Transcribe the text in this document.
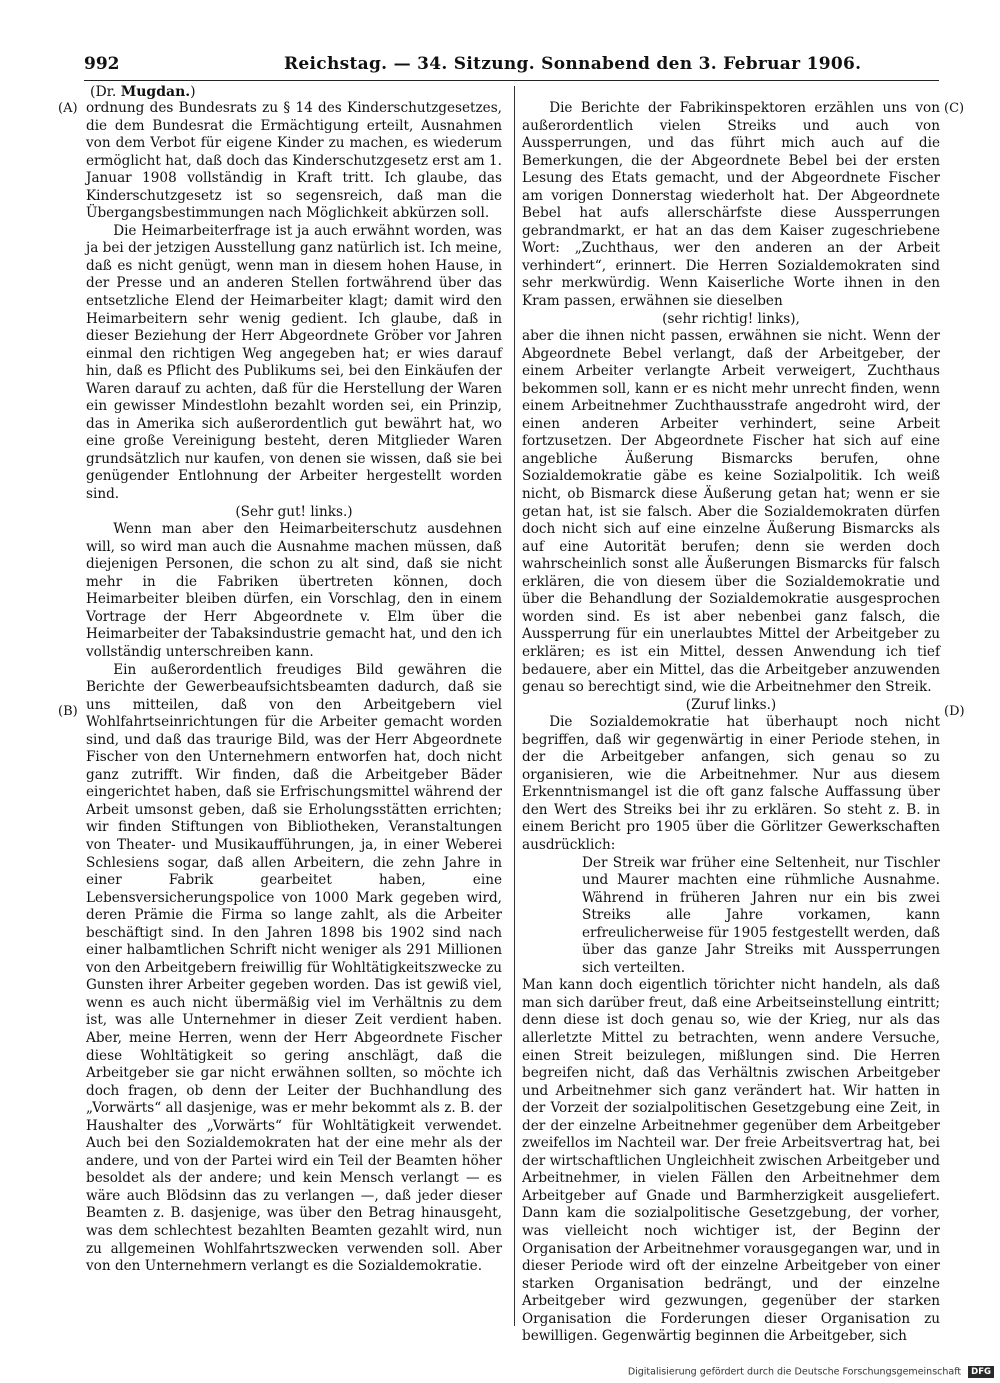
992	Reichstag. — 34. Sitzung. Sonnabend den 3. Februar 1906.
(Dr. Mugdan.)
(A)
(B)
(C)
(D)

ordnung des Bundesrats zu § 14 des Kinderschutzgesetzes, die dem Bundesrat die Ermächtigung erteilt, Ausnahmen von dem Verbot für eigene Kinder zu machen, es wiederum ermöglicht hat, daß doch das Kinderschutzgesetz erst am 1. Januar 1908 vollständig in Kraft tritt. Ich glaube, das Kinderschutzgesetz ist so segensreich, daß man die Übergangsbestimmungen nach Möglichkeit abkürzen soll.

Die Heimarbeiterfrage ist ja auch erwähnt worden, was ja bei der jetzigen Ausstellung ganz natürlich ist. Ich meine, daß es nicht genügt, wenn man in diesem hohen Hause, in der Presse und an anderen Stellen fortwährend über das entsetzliche Elend der Heimarbeiter klagt; damit wird den Heimarbeitern sehr wenig gedient. Ich glaube, daß in dieser Beziehung der Herr Abgeordnete Gröber vor Jahren einmal den richtigen Weg angegeben hat; er wies darauf hin, daß es Pflicht des Publikums sei, bei den Einkäufen der Waren darauf zu achten, daß für die Herstellung der Waren ein gewisser Mindestlohn bezahlt worden sei, ein Prinzip, das in Amerika sich außerordentlich gut bewährt hat, wo eine große Vereinigung besteht, deren Mitglieder Waren grundsätzlich nur kaufen, von denen sie wissen, daß sie bei genügender Entlohnung der Arbeiter hergestellt worden sind.

(Sehr gut! links.)

Wenn man aber den Heimarbeiterschutz ausdehnen will, so wird man auch die Ausnahme machen müssen, daß diejenigen Personen, die schon zu alt sind, daß sie nicht mehr in die Fabriken übertreten können, doch Heimarbeiter bleiben dürfen, ein Vorschlag, den in einem Vortrage der Herr Abgeordnete v. Elm über die Heimarbeiter der Tabaksindustrie gemacht hat, und den ich vollständig unterschreiben kann.

Ein außerordentlich freudiges Bild gewähren die Berichte der Gewerbeaufsichtsbeamten dadurch, daß sie uns mitteilen, daß von den Arbeitgebern viel Wohlfahrtseinrichtungen für die Arbeiter gemacht worden sind, und daß das traurige Bild, was der Herr Abgeordnete Fischer von den Unternehmern entworfen hat, doch nicht ganz zutrifft. Wir finden, daß die Arbeitgeber Bäder eingerichtet haben, daß sie Erfrischungsmittel während der Arbeit umsonst geben, daß sie Erholungsstätten errichten; wir finden Stiftungen von Bibliotheken, Veranstaltungen von Theater- und Musikaufführungen, ja, in einer Weberei Schlesiens sogar, daß allen Arbeitern, die zehn Jahre in einer Fabrik gearbeitet haben, eine Lebensversicherungspolice von 1000 Mark gegeben wird, deren Prämie die Firma so lange zahlt, als die Arbeiter beschäftigt sind. In den Jahren 1898 bis 1902 sind nach einer halbamtlichen Schrift nicht weniger als 291 Millionen von den Arbeitgebern freiwillig für Wohltätigkeitszwecke zu Gunsten ihrer Arbeiter gegeben worden. Das ist gewiß viel, wenn es auch nicht übermäßig viel im Verhältnis zu dem ist, was alle Unternehmer in dieser Zeit verdient haben. Aber, meine Herren, wenn der Herr Abgeordnete Fischer diese Wohltätigkeit so gering anschlägt, daß die Arbeitgeber sie gar nicht erwähnen sollten, so möchte ich doch fragen, ob denn der Leiter der Buchhandlung des „Vorwärts“ all dasjenige, was er mehr bekommt als z. B. der Haushalter des „Vorwärts“ für Wohltätigkeit verwendet. Auch bei den Sozialdemokraten hat der eine mehr als der andere, und von der Partei wird ein Teil der Beamten höher besoldet als der andere; und kein Mensch verlangt — es wäre auch Blödsinn das zu verlangen —, daß jeder dieser Beamten z. B. dasjenige, was über den Betrag hinausgeht, was dem schlechtest bezahlten Beamten gezahlt wird, nun zu allgemeinen Wohlfahrtszwecken verwenden soll. Aber von den Unternehmern verlangt es die Sozialdemokratie.

Die Berichte der Fabrikinspektoren erzählen uns von außerordentlich vielen Streiks und auch von Aussperrungen, und das führt mich auch auf die Bemerkungen, die der Abgeordnete Bebel bei der ersten Lesung des Etats gemacht, und der Abgeordnete Fischer am vorigen Donnerstag wiederholt hat. Der Abgeordnete Bebel hat aufs allerschärfste diese Aussperrungen gebrandmarkt, er hat an das dem Kaiser zugeschriebene Wort: „Zuchthaus, wer den anderen an der Arbeit verhindert“, erinnert. Die Herren Sozialdemokraten sind sehr merkwürdig. Wenn Kaiserliche Worte ihnen in den Kram passen, erwähnen sie dieselben

(sehr richtig! links),

aber die ihnen nicht passen, erwähnen sie nicht. Wenn der Abgeordnete Bebel verlangt, daß der Arbeitgeber, der einem Arbeiter verlangte Arbeit verweigert, Zuchthaus bekommen soll, kann er es nicht mehr unrecht finden, wenn einem Arbeitnehmer Zuchthausstrafe angedroht wird, der einen anderen Arbeiter verhindert, seine Arbeit fortzusetzen. Der Abgeordnete Fischer hat sich auf eine angebliche Äußerung Bismarcks berufen, ohne Sozialdemokratie gäbe es keine Sozialpolitik. Ich weiß nicht, ob Bismarck diese Äußerung getan hat; wenn er sie getan hat, ist sie falsch. Aber die Sozialdemokraten dürfen doch nicht sich auf eine einzelne Äußerung Bismarcks als auf eine Autorität berufen; denn sie werden doch wahrscheinlich sonst alle Äußerungen Bismarcks für falsch erklären, die von diesem über die Sozialdemokratie und über die Behandlung der Sozialdemokratie ausgesprochen worden sind. Es ist aber nebenbei ganz falsch, die Aussperrung für ein unerlaubtes Mittel der Arbeitgeber zu erklären; es ist ein Mittel, dessen Anwendung ich tief bedauere, aber ein Mittel, das die Arbeitgeber anzuwenden genau so berechtigt sind, wie die Arbeitnehmer den Streik.

(Zuruf links.)

Die Sozialdemokratie hat überhaupt noch nicht begriffen, daß wir gegenwärtig in einer Periode stehen, in der die Arbeitgeber anfangen, sich genau so zu organisieren, wie die Arbeitnehmer. Nur aus diesem Erkenntnismangel ist die oft ganz falsche Auffassung über den Wert des Streiks bei ihr zu erklären. So steht z. B. in einem Bericht pro 1905 über die Görlitzer Gewerkschaften ausdrücklich:

Der Streik war früher eine Seltenheit, nur Tischler und Maurer machten eine rühmliche Ausnahme. Während in früheren Jahren nur ein bis zwei Streiks alle Jahre vorkamen, kann erfreulicherweise für 1905 festgestellt werden, daß über das ganze Jahr Streiks mit Aussperrungen sich verteilten.

Man kann doch eigentlich törichter nicht handeln, als daß man sich darüber freut, daß eine Arbeitseinstellung eintritt; denn diese ist doch genau so, wie der Krieg, nur als das allerletzte Mittel zu betrachten, wenn andere Versuche, einen Streit beizulegen, mißlungen sind. Die Herren begreifen nicht, daß das Verhältnis zwischen Arbeitgeber und Arbeitnehmer sich ganz verändert hat. Wir hatten in der Vorzeit der sozialpolitischen Gesetzgebung eine Zeit, in der der einzelne Arbeitnehmer gegenüber dem Arbeitgeber zweifellos im Nachteil war. Der freie Arbeitsvertrag hat, bei der wirtschaftlichen Ungleichheit zwischen Arbeitgeber und Arbeitnehmer, in vielen Fällen den Arbeitnehmer dem Arbeitgeber auf Gnade und Barmherzigkeit ausgeliefert. Dann kam die sozialpolitische Gesetzgebung, der vorher, was vielleicht noch wichtiger ist, der Beginn der Organisation der Arbeitnehmer vorausgegangen war, und in dieser Periode wird oft der einzelne Arbeitgeber von einer starken Organisation bedrängt, und der einzelne Arbeitgeber wird gezwungen, gegenüber der starken Organisation die Forderungen dieser Organisation zu bewilligen. Gegenwärtig beginnen die Arbeitgeber, sich

Digitalisierung gefördert durch die Deutsche Forschungsgemeinschaft DFG
